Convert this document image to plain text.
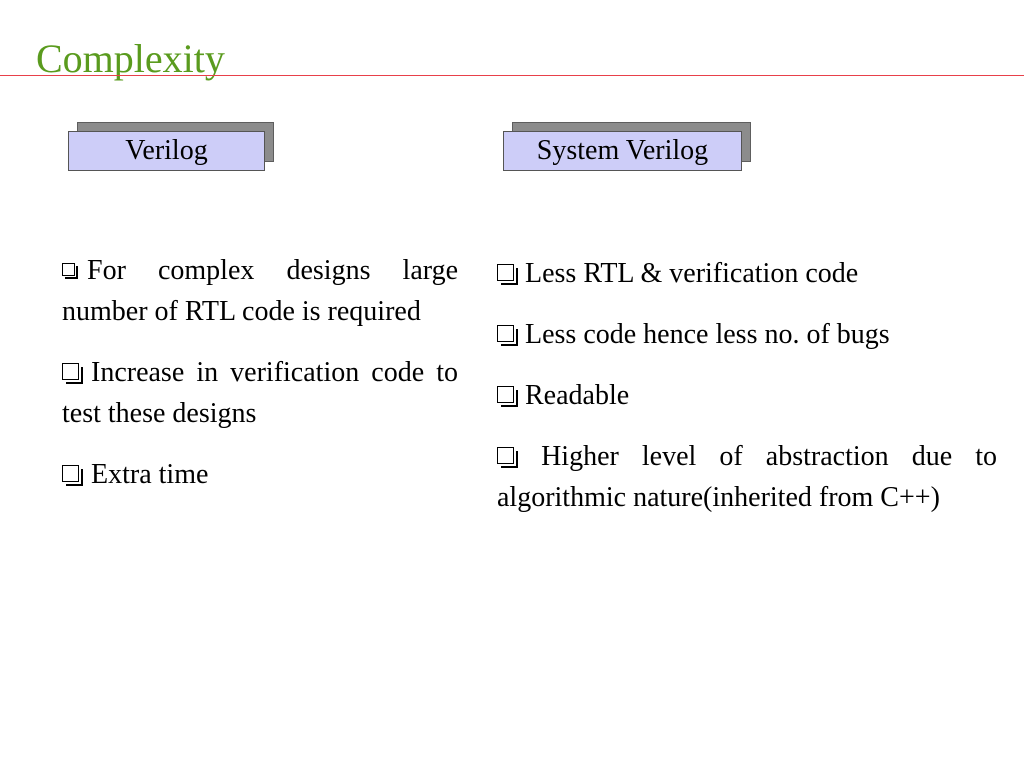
Complexity
Verilog	System Verilog
For complex designs large number of RTL code is required
Increase in verification code to test these designs
Extra time
Less RTL & verification code
Less code hence less no. of bugs
Readable
Higher level of abstraction due to algorithmic nature(inherited from C++)
